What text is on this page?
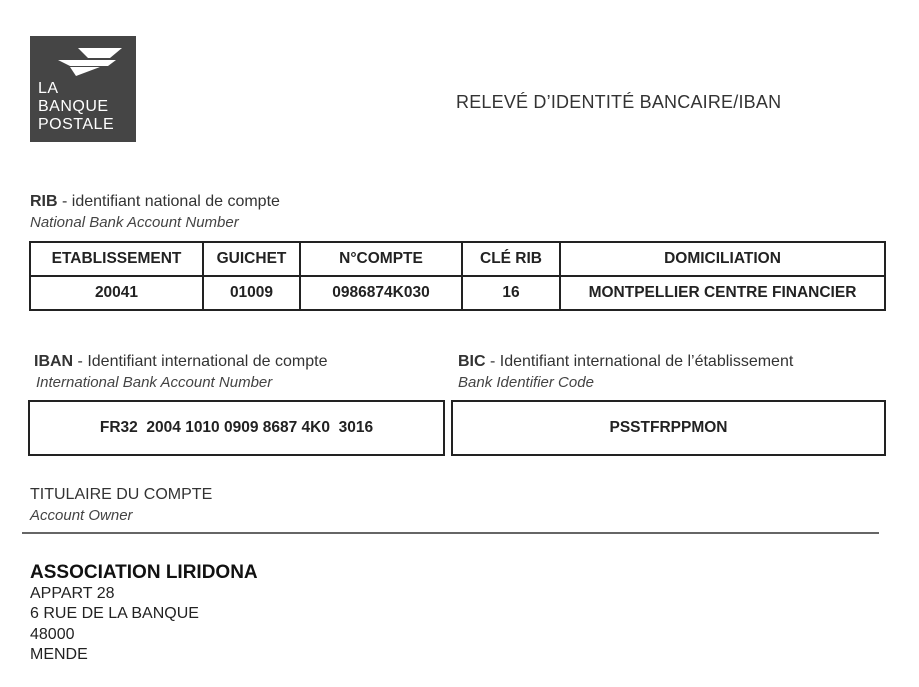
LA
BANQUE
POSTALE
RELEVÉ D’IDENTITÉ BANCAIRE/IBAN
RIB - identifiant national de compte
National Bank Account Number
ETABLISSEMENT	GUICHET	N°COMPTE	CLÉ RIB	DOMICILIATION
20041	01009	0986874K030	16	MONTPELLIER CENTRE FINANCIER
IBAN - Identifiant international de compte
International Bank Account Number
FR32  2004 1010 0909 8687 4K0  3016
BIC - Identifiant international de l’établissement
Bank Identifier Code
PSSTFRPPMON
TITULAIRE DU COMPTE
Account Owner
ASSOCIATION LIRIDONA
APPART 28
6 RUE DE LA BANQUE
48000
MENDE
